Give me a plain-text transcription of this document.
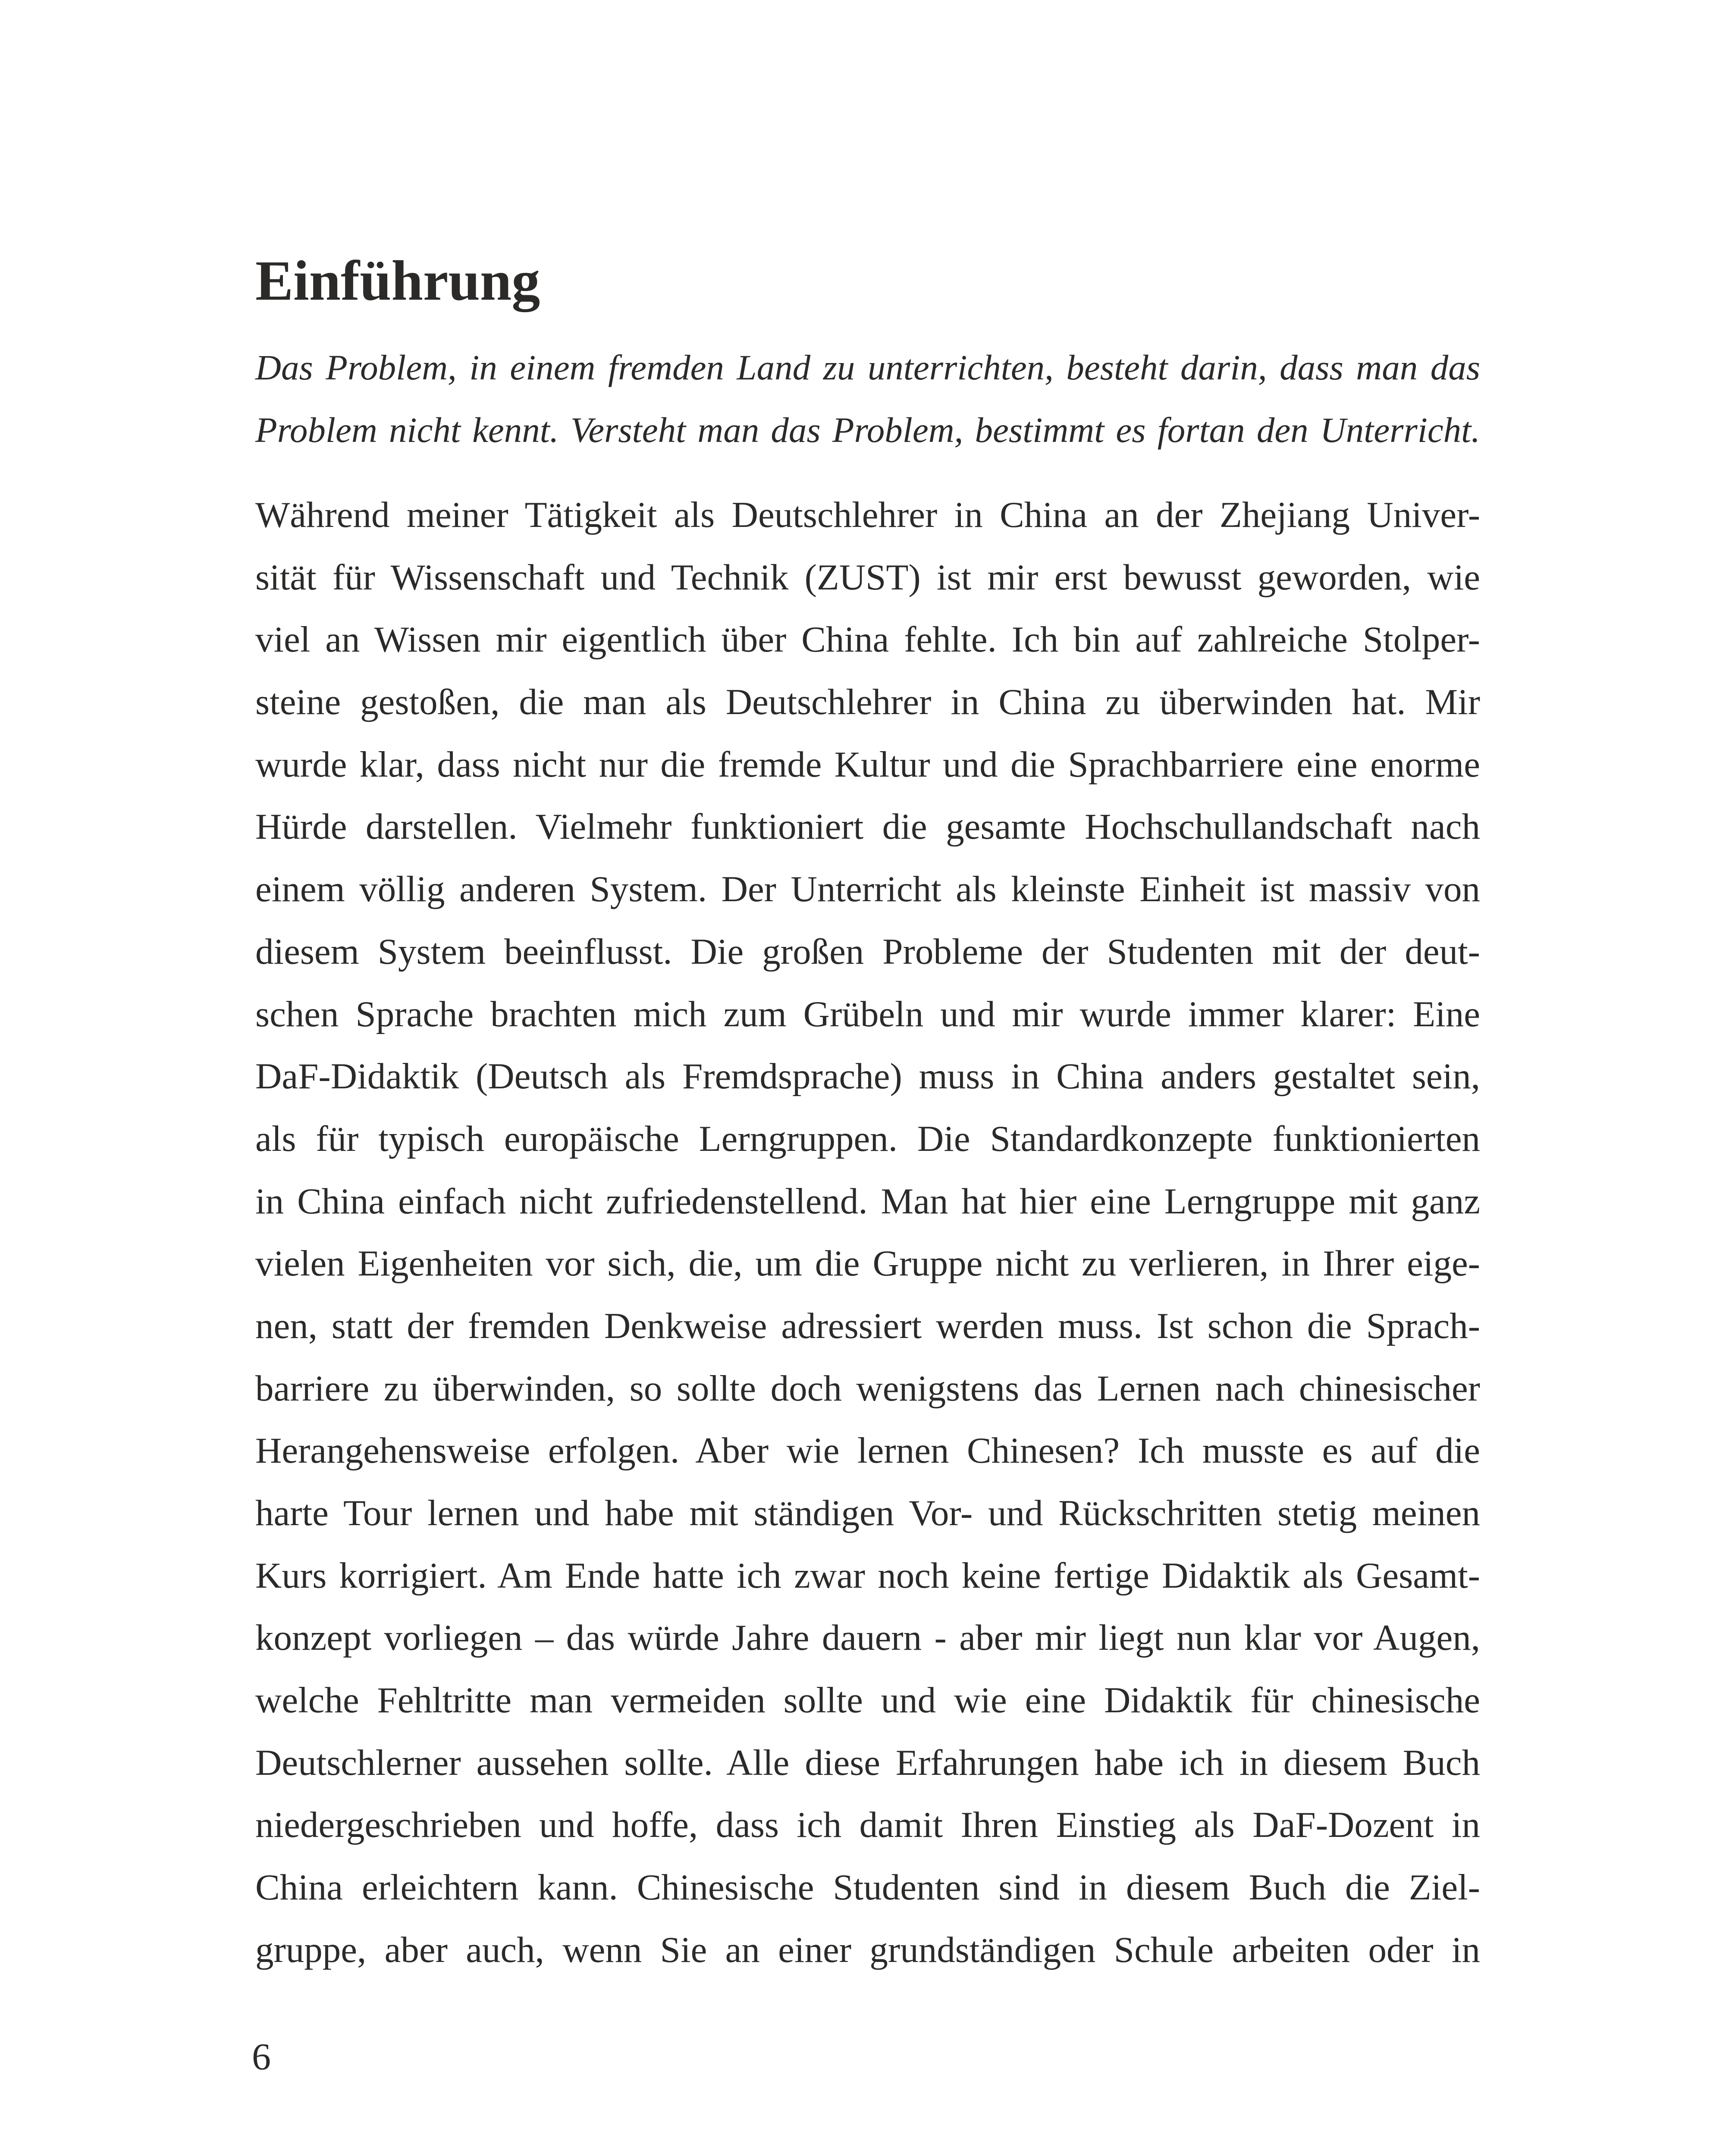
Einführung
Das Problem, in einem fremden Land zu unterrichten, besteht darin, dass man das
Problem nicht kennt. Versteht man das Problem, bestimmt es fortan den Unterricht.
Während meiner Tätigkeit als Deutschlehrer in China an der Zhejiang Univer-
sität für Wissenschaft und Technik (ZUST) ist mir erst bewusst geworden, wie
viel an Wissen mir eigentlich über China fehlte. Ich bin auf zahlreiche Stolper-
steine gestoßen, die man als Deutschlehrer in China zu überwinden hat. Mir
wurde klar, dass nicht nur die fremde Kultur und die Sprachbarriere eine enorme
Hürde darstellen. Vielmehr funktioniert die gesamte Hochschullandschaft nach
einem völlig anderen System. Der Unterricht als kleinste Einheit ist massiv von
diesem System beeinflusst. Die großen Probleme der Studenten mit der deut-
schen Sprache brachten mich zum Grübeln und mir wurde immer klarer: Eine
DaF-Didaktik (Deutsch als Fremdsprache) muss in China anders gestaltet sein,
als für typisch europäische Lerngruppen. Die Standardkonzepte funktionierten
in China einfach nicht zufriedenstellend. Man hat hier eine Lerngruppe mit ganz
vielen Eigenheiten vor sich, die, um die Gruppe nicht zu verlieren, in Ihrer eige-
nen, statt der fremden Denkweise adressiert werden muss. Ist schon die Sprach-
barriere zu überwinden, so sollte doch wenigstens das Lernen nach chinesischer
Herangehensweise erfolgen. Aber wie lernen Chinesen? Ich musste es auf die
harte Tour lernen und habe mit ständigen Vor- und Rückschritten stetig meinen
Kurs korrigiert. Am Ende hatte ich zwar noch keine fertige Didaktik als Gesamt-
konzept vorliegen – das würde Jahre dauern - aber mir liegt nun klar vor Augen,
welche Fehltritte man vermeiden sollte und wie eine Didaktik für chinesische
Deutschlerner aussehen sollte. Alle diese Erfahrungen habe ich in diesem Buch
niedergeschrieben und hoffe, dass ich damit Ihren Einstieg als DaF-Dozent in
China erleichtern kann. Chinesische Studenten sind in diesem Buch die Ziel-
gruppe, aber auch, wenn Sie an einer grundständigen Schule arbeiten oder in
6
